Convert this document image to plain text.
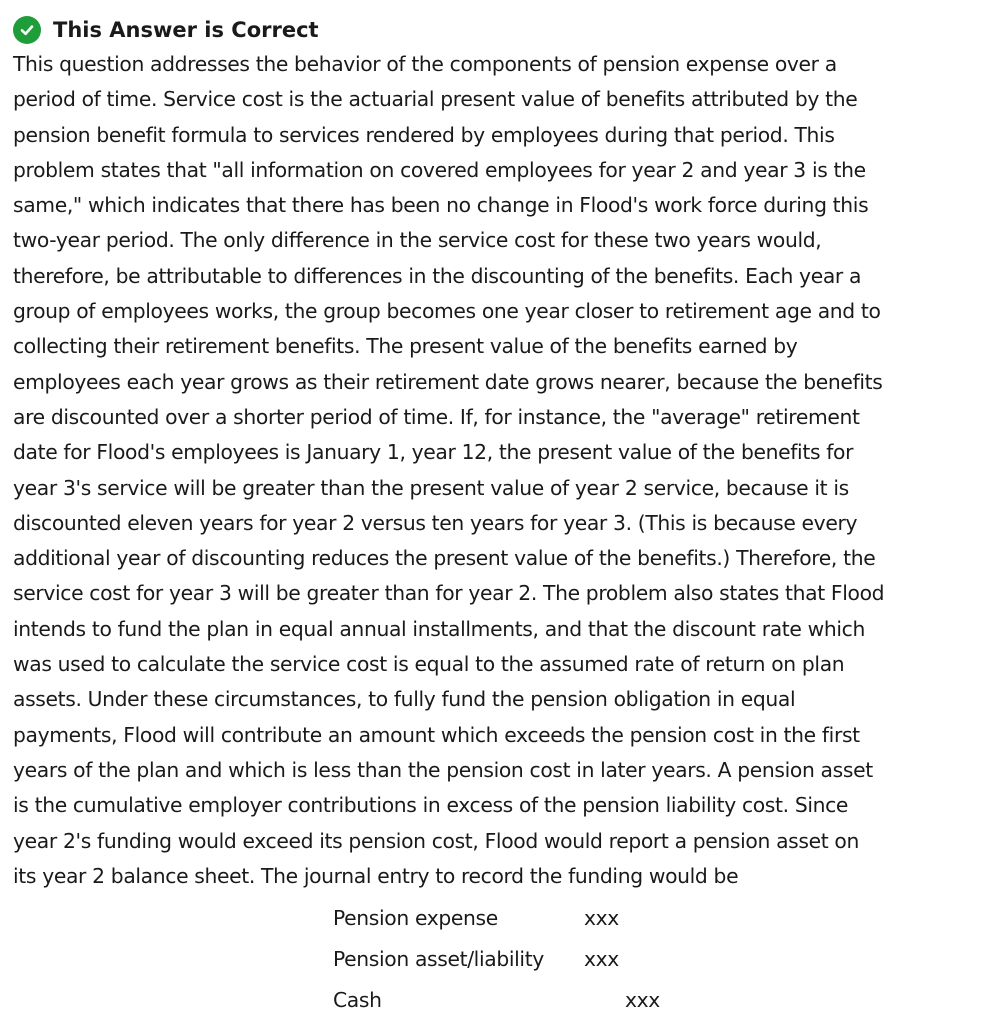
This Answer is Correct
This question addresses the behavior of the components of pension expense over a
period of time. Service cost is the actuarial present value of benefits attributed by the
pension benefit formula to services rendered by employees during that period. This
problem states that "all information on covered employees for year 2 and year 3 is the
same," which indicates that there has been no change in Flood's work force during this
two-year period. The only difference in the service cost for these two years would,
therefore, be attributable to differences in the discounting of the benefits. Each year a
group of employees works, the group becomes one year closer to retirement age and to
collecting their retirement benefits. The present value of the benefits earned by
employees each year grows as their retirement date grows nearer, because the benefits
are discounted over a shorter period of time. If, for instance, the "average" retirement
date for Flood's employees is January 1, year 12, the present value of the benefits for
year 3's service will be greater than the present value of year 2 service, because it is
discounted eleven years for year 2 versus ten years for year 3. (This is because every
additional year of discounting reduces the present value of the benefits.) Therefore, the
service cost for year 3 will be greater than for year 2. The problem also states that Flood
intends to fund the plan in equal annual installments, and that the discount rate which
was used to calculate the service cost is equal to the assumed rate of return on plan
assets. Under these circumstances, to fully fund the pension obligation in equal
payments, Flood will contribute an amount which exceeds the pension cost in the first
years of the plan and which is less than the pension cost in later years. A pension asset
is the cumulative employer contributions in excess of the pension liability cost. Since
year 2's funding would exceed its pension cost, Flood would report a pension asset on
its year 2 balance sheet. The journal entry to record the funding would be
Pension expense	xxx
Pension asset/liability xxx
Cash	xxx
